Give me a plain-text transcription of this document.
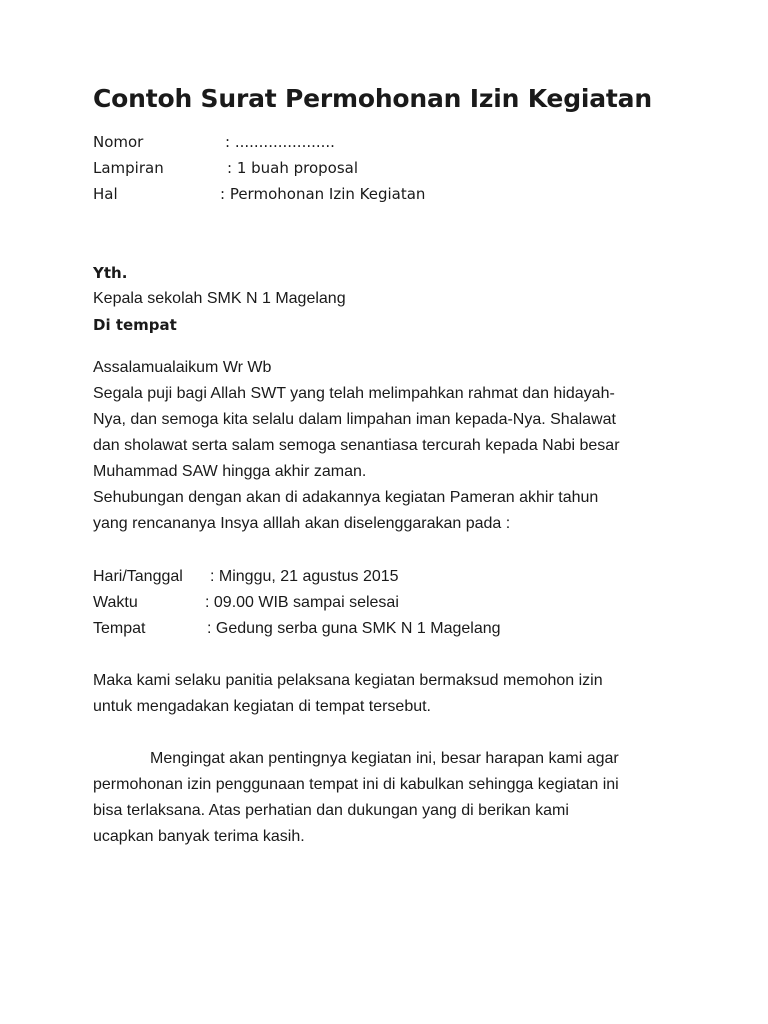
Contoh Surat Permohonan Izin Kegiatan
Nomor	: .....................
Lampiran	: 1 buah proposal
Hal	: Permohonan Izin Kegiatan
Yth.
Kepala sekolah SMK N 1 Magelang
Di tempat
Assalamualaikum Wr Wb
Segala puji bagi Allah SWT yang telah melimpahkan rahmat dan hidayah-
Nya, dan semoga kita selalu dalam limpahan iman kepada-Nya. Shalawat
dan sholawat serta salam semoga senantiasa tercurah kepada Nabi besar
Muhammad SAW hingga akhir zaman.
Sehubungan dengan akan di adakannya kegiatan Pameran akhir tahun
yang rencananya Insya alllah akan diselenggarakan pada :
Hari/Tanggal : Minggu, 21 agustus 2015
Waktu	: 09.00 WIB sampai selesai
Tempat	: Gedung serba guna SMK N 1 Magelang
Maka kami selaku panitia pelaksana kegiatan bermaksud memohon izin
untuk mengadakan kegiatan di tempat tersebut.
Mengingat akan pentingnya kegiatan ini, besar harapan kami agar
permohonan izin penggunaan tempat ini di kabulkan sehingga kegiatan ini
bisa terlaksana. Atas perhatian dan dukungan yang di berikan kami
ucapkan banyak terima kasih.
